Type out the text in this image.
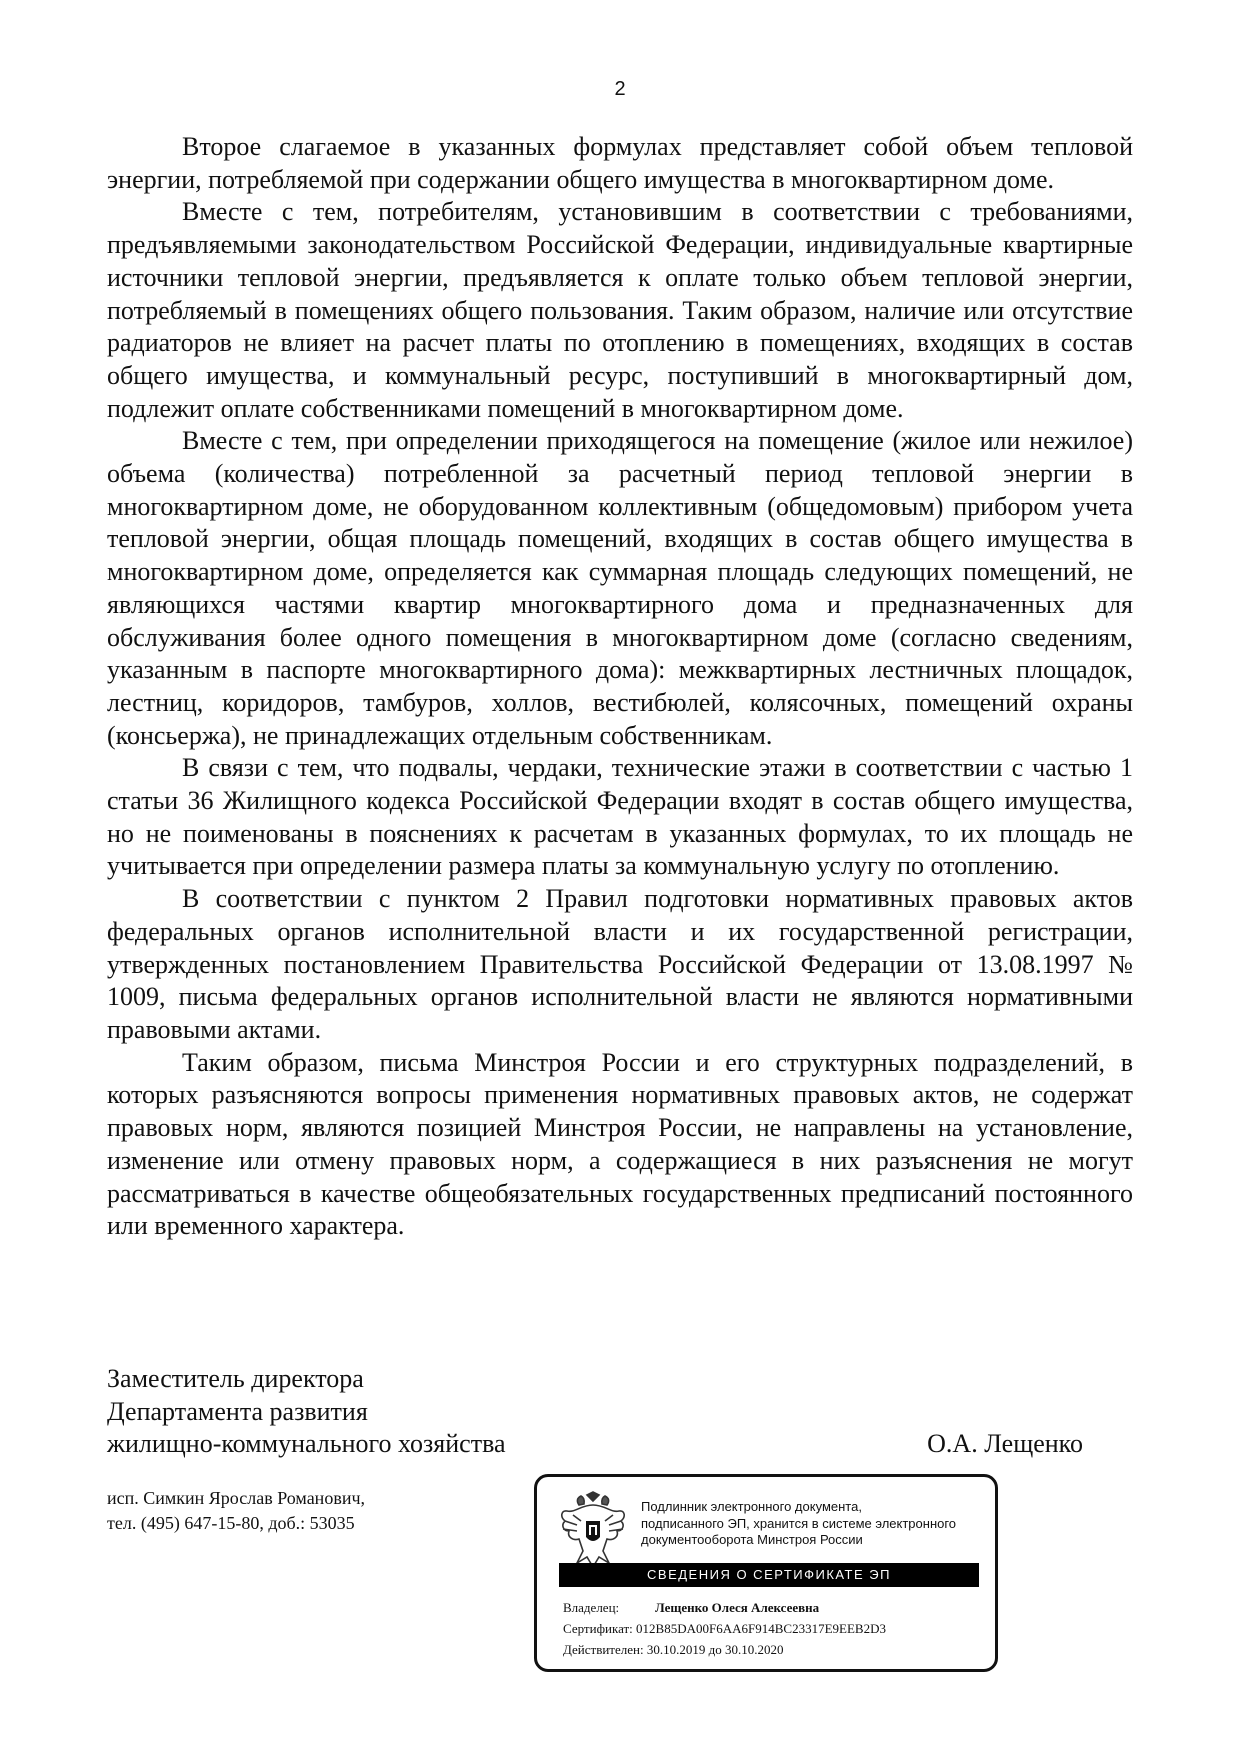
2

Второе слагаемое в указанных формулах представляет собой объем тепловой энергии, потребляемой при содержании общего имущества в многоквартирном доме.

Вместе с тем, потребителям, установившим в соответствии с требованиями, предъявляемыми законодательством Российской Федерации, индивидуальные квартирные источники тепловой энергии, предъявляется к оплате только объем тепловой энергии, потребляемый в помещениях общего пользования. Таким образом, наличие или отсутствие радиаторов не влияет на расчет платы по отоплению в помещениях, входящих в состав общего имущества, и коммунальный ресурс, поступивший в многоквартирный дом, подлежит оплате собственниками помещений в многоквартирном доме.

Вместе с тем, при определении приходящегося на помещение (жилое или нежилое) объема (количества) потребленной за расчетный период тепловой энергии в многоквартирном доме, не оборудованном коллективным (общедомовым) прибором учета тепловой энергии, общая площадь помещений, входящих в состав общего имущества в многоквартирном доме, определяется как суммарная площадь следующих помещений, не являющихся частями квартир многоквартирного дома и предназначенных для обслуживания более одного помещения в многоквартирном доме (согласно сведениям, указанным в паспорте многоквартирного дома): межквартирных лестничных площадок, лестниц, коридоров, тамбуров, холлов, вестибюлей, колясочных, помещений охраны (консьержа), не принадлежащих отдельным собственникам.

В связи с тем, что подвалы, чердаки, технические этажи в соответствии с частью 1 статьи 36 Жилищного кодекса Российской Федерации входят в состав общего имущества, но не поименованы в пояснениях к расчетам в указанных формулах, то их площадь не учитывается при определении размера платы за коммунальную услугу по отоплению.

В соответствии с пунктом 2 Правил подготовки нормативных правовых актов федеральных органов исполнительной власти и их государственной регистрации, утвержденных постановлением Правительства Российской Федерации от 13.08.1997 № 1009, письма федеральных органов исполнительной власти не являются нормативными правовыми актами.

Таким образом, письма Минстроя России и его структурных подразделений, в которых разъясняются вопросы применения нормативных правовых актов, не содержат правовых норм, являются позицией Минстроя России, не направлены на установление, изменение или отмену правовых норм, а содержащиеся в них разъяснения не могут рассматриваться в качестве общеобязательных государственных предписаний постоянного или временного характера.

Заместитель директора
Департамента развития
жилищно-коммунального хозяйства	О.А. Лещенко
исп. Симкин Ярослав Романович,
тел. (495) 647-15-80, доб.: 53035
Подлинник электронного документа,
подписанного ЭП, хранится в системе электронного
документооборота Минстроя России
СВЕДЕНИЯ О СЕРТИФИКАТЕ ЭП
Владелец:	Лещенко Олеся Алексеевна
Сертификат: 012B85DA00F6AA6F914BC23317E9EEB2D3
Действителен: 30.10.2019 до 30.10.2020
